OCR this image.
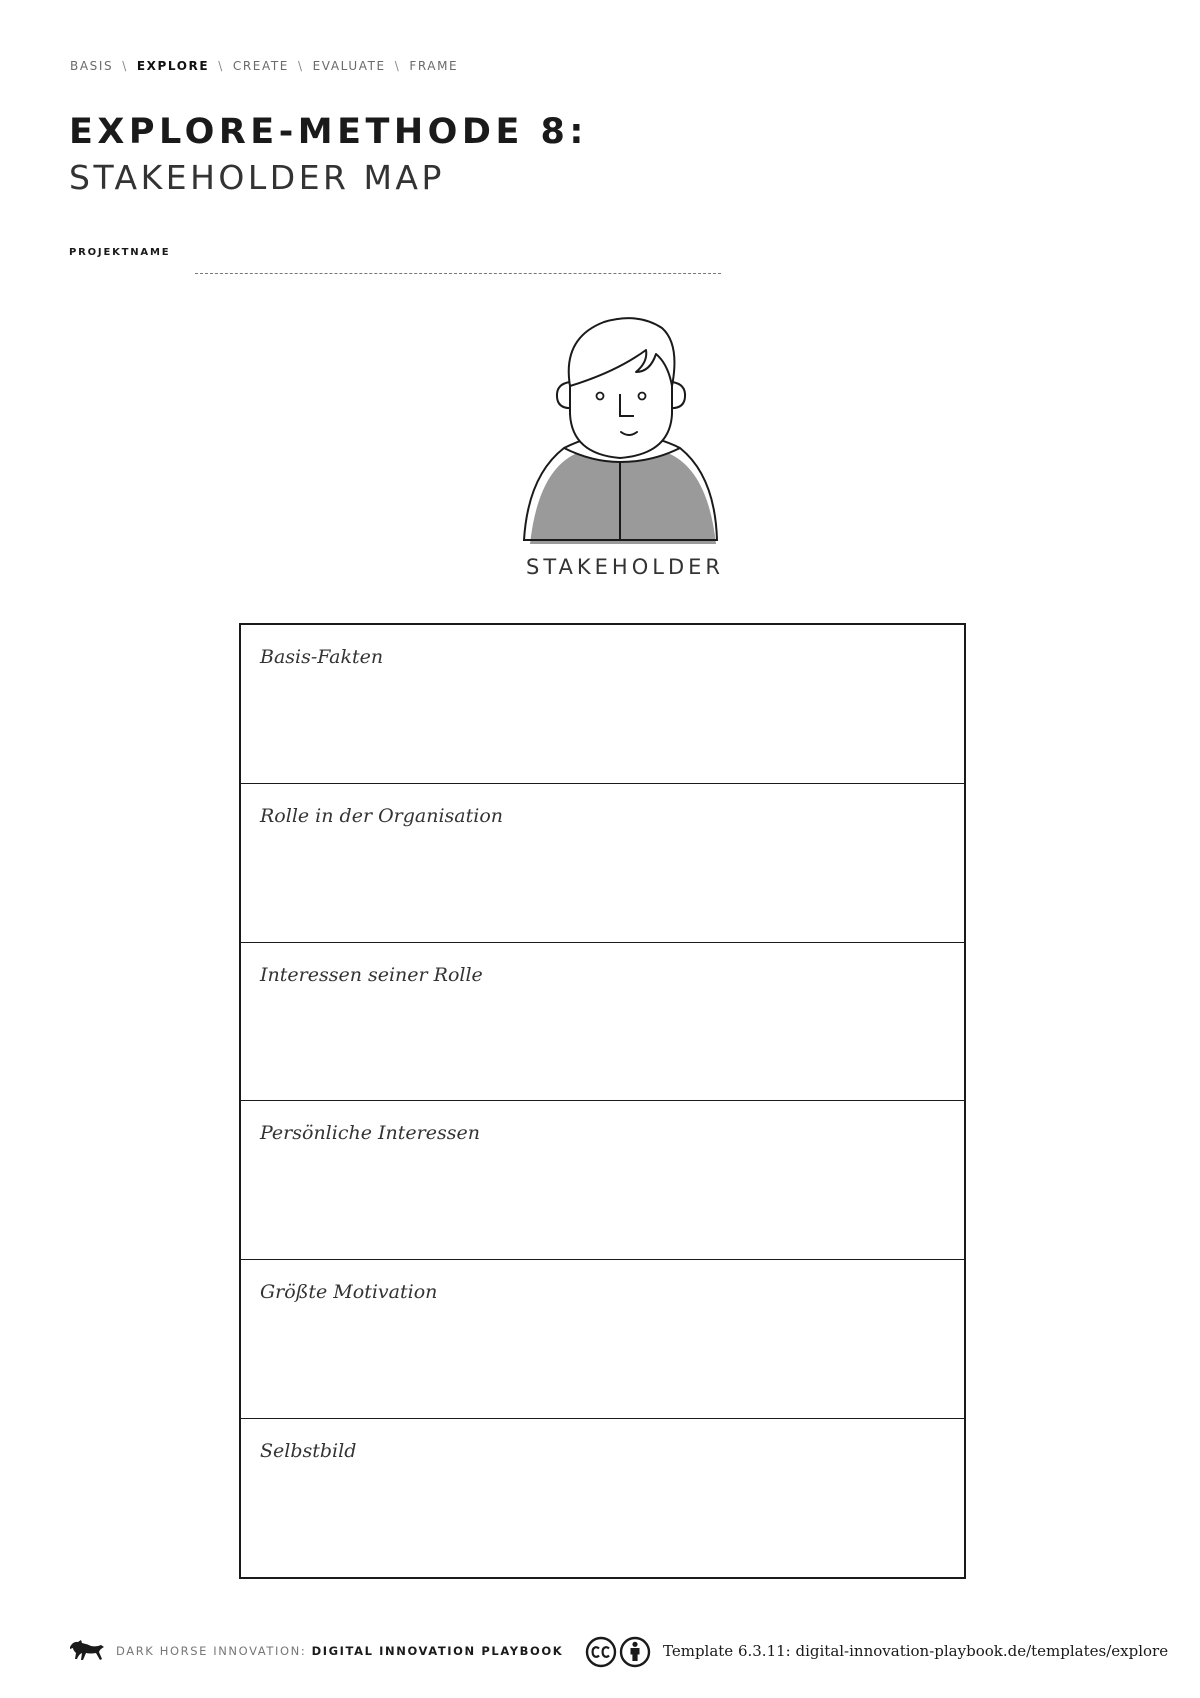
BASIS \ EXPLORE \ CREATE \ EVALUATE \ FRAME
EXPLORE-METHODE 8:
STAKEHOLDER MAP
PROJEKTNAME
STAKEHOLDER
Basis-Fakten
Rolle in der Organisation
Interessen seiner Rolle
Persönliche Interessen
Größte Motivation
Selbstbild
DARK HORSE INNOVATION: DIGITAL INNOVATION PLAYBOOK	Template 6.3.11: digital-innovation-playbook.de/templates/explore
